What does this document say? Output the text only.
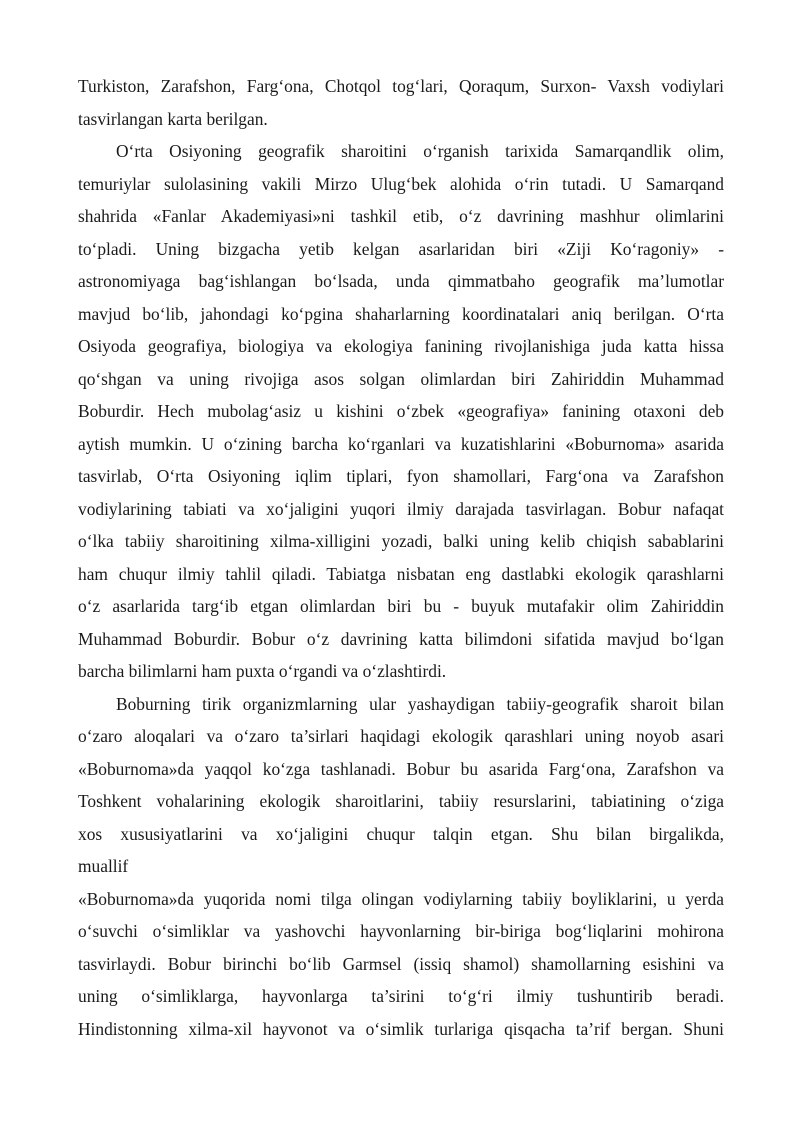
Turkiston, Zarafshon, Farg‘ona, Chotqol tog‘lari, Qoraqum, Surxon- Vaxsh vodiylari
tasvirlangan karta berilgan.
O‘rta Osiyoning geografik sharoitini o‘rganish tarixida Samarqandlik olim,
temuriylar sulolasining vakili Mirzo Ulug‘bek alohida o‘rin tutadi. U Samarqand
shahrida «Fanlar Akademiyasi»ni tashkil etib, o‘z davrining mashhur olimlarini
to‘pladi. Uning bizgacha yetib kelgan asarlaridan biri «Ziji Ko‘ragoniy» -
astronomiyaga bag‘ishlangan bo‘lsada, unda qimmatbaho geografik ma’lumotlar
mavjud bo‘lib, jahondagi ko‘pgina shaharlarning koordinatalari aniq berilgan. O‘rta
Osiyoda geografiya, biologiya va ekologiya fanining rivojlanishiga juda katta hissa
qo‘shgan va uning rivojiga asos solgan olimlardan biri Zahiriddin Muhammad
Boburdir. Hech mubolag‘asiz u kishini o‘zbek «geografiya» fanining otaxoni deb
aytish mumkin. U o‘zining barcha ko‘rganlari va kuzatishlarini «Boburnoma» asarida
tasvirlab, O‘rta Osiyoning iqlim tiplari, fyon shamollari, Farg‘ona va Zarafshon
vodiylarining tabiati va xo‘jaligini yuqori ilmiy darajada tasvirlagan. Bobur nafaqat
o‘lka tabiiy sharoitining xilma-xilligini yozadi, balki uning kelib chiqish sabablarini
ham chuqur ilmiy tahlil qiladi. Tabiatga nisbatan eng dastlabki ekologik qarashlarni
o‘z asarlarida targ‘ib etgan olimlardan biri bu - buyuk mutafakir olim Zahiriddin
Muhammad Boburdir. Bobur o‘z davrining katta bilimdoni sifatida mavjud bo‘lgan
barcha bilimlarni ham puxta o‘rgandi va o‘zlashtirdi.
Boburning tirik organizmlarning ular yashaydigan tabiiy-geografik sharoit bilan
o‘zaro aloqalari va o‘zaro ta’sirlari haqidagi ekologik qarashlari uning noyob asari
«Boburnoma»da yaqqol ko‘zga tashlanadi. Bobur bu asarida Farg‘ona, Zarafshon va
Toshkent vohalarining ekologik sharoitlarini, tabiiy resurslarini, tabiatining o‘ziga
xos xususiyatlarini va xo‘jaligini chuqur talqin etgan. Shu bilan birgalikda,
muallif
«Boburnoma»da yuqorida nomi tilga olingan vodiylarning tabiiy boyliklarini, u yerda
o‘suvchi o‘simliklar va yashovchi hayvonlarning bir-biriga bog‘liqlarini mohirona
tasvirlaydi. Bobur birinchi bo‘lib Garmsel (issiq shamol) shamollarning esishini va
uning o‘simliklarga, hayvonlarga ta’sirini to‘g‘ri ilmiy tushuntirib beradi.
Hindistonning xilma-xil hayvonot va o‘simlik turlariga qisqacha ta’rif bergan. Shuni
